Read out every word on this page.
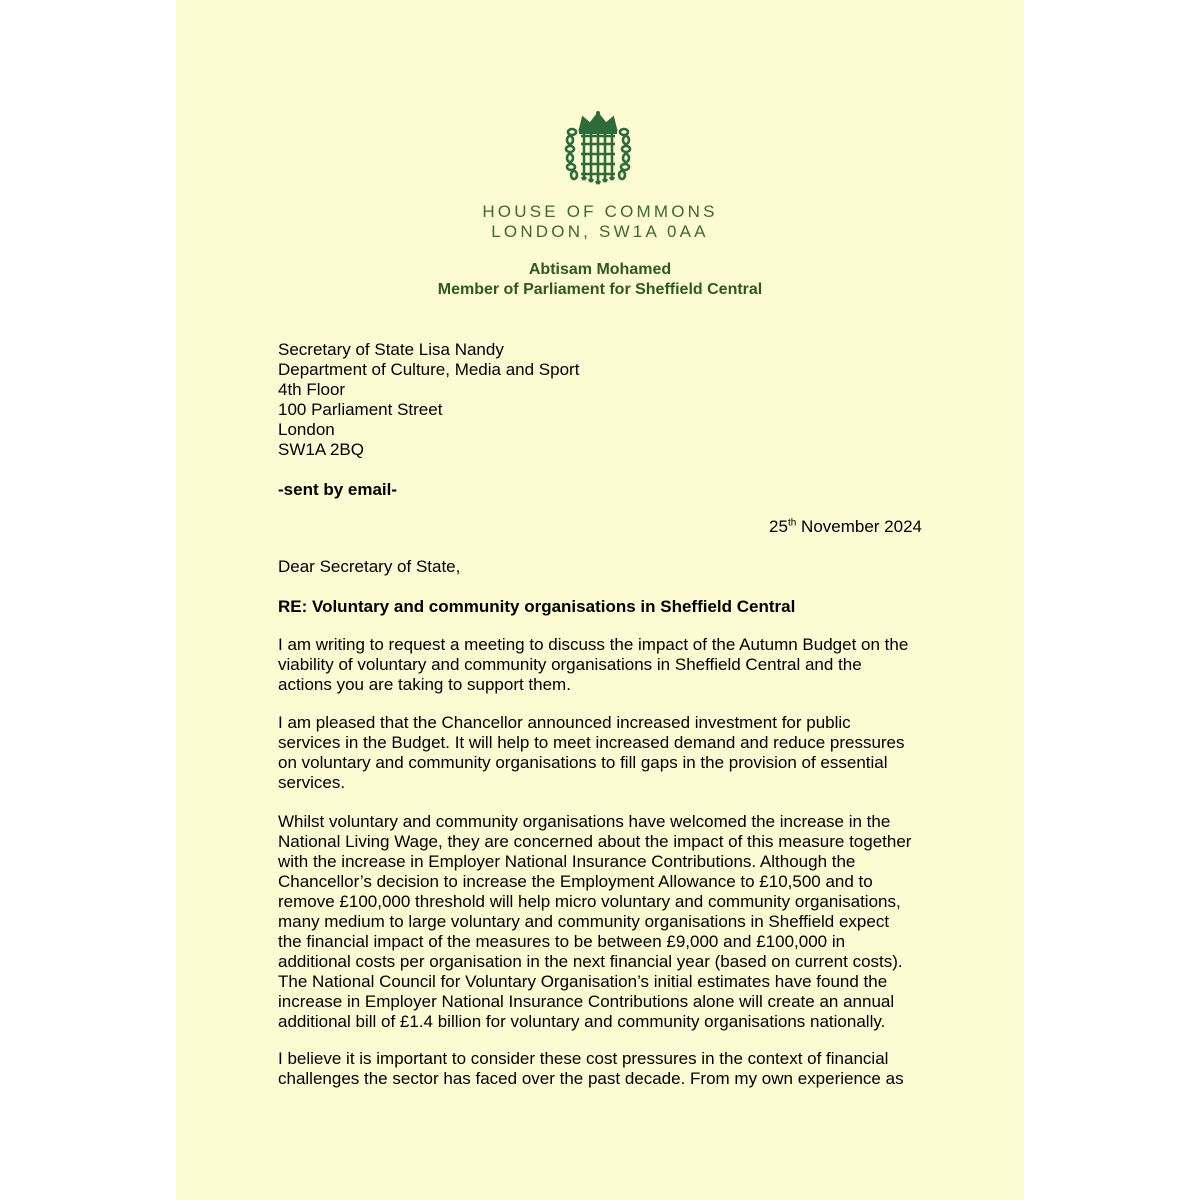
HOUSE OF COMMONS
LONDON, SW1A 0AA
Abtisam Mohamed
Member of Parliament for Sheffield Central
Secretary of State Lisa Nandy
Department of Culture, Media and Sport
4th Floor
100 Parliament Street
London
SW1A 2BQ
-sent by email-
25th November 2024
Dear Secretary of State,
RE: Voluntary and community organisations in Sheffield Central
I am writing to request a meeting to discuss the impact of the Autumn Budget on the
viability of voluntary and community organisations in Sheffield Central and the
actions you are taking to support them.
I am pleased that the Chancellor announced increased investment for public
services in the Budget. It will help to meet increased demand and reduce pressures
on voluntary and community organisations to fill gaps in the provision of essential
services.
Whilst voluntary and community organisations have welcomed the increase in the
National Living Wage, they are concerned about the impact of this measure together
with the increase in Employer National Insurance Contributions. Although the
Chancellor’s decision to increase the Employment Allowance to £10,500 and to
remove £100,000 threshold will help micro voluntary and community organisations,
many medium to large voluntary and community organisations in Sheffield expect
the financial impact of the measures to be between £9,000 and £100,000 in
additional costs per organisation in the next financial year (based on current costs).
The National Council for Voluntary Organisation’s initial estimates have found the
increase in Employer National Insurance Contributions alone will create an annual
additional bill of £1.4 billion for voluntary and community organisations nationally.
I believe it is important to consider these cost pressures in the context of financial
challenges the sector has faced over the past decade. From my own experience as
